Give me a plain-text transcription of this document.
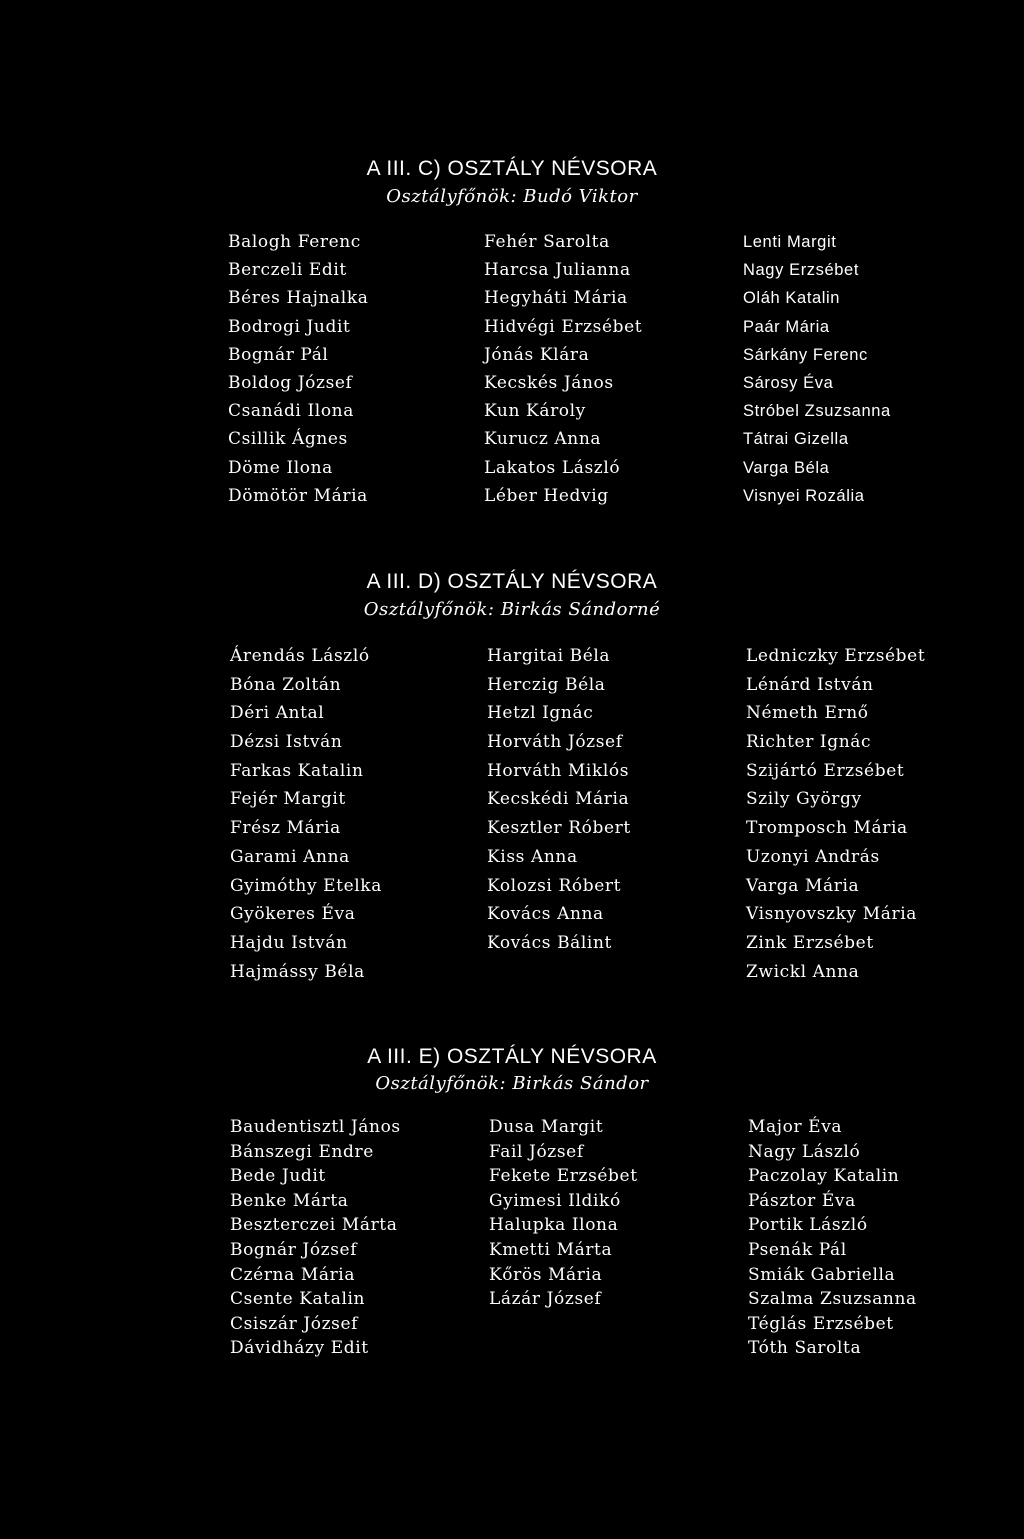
A III. C) OSZTÁLY NÉVSORA
Osztályfőnök: Budó Viktor
Balogh Ferenc
Berczeli Edit
Béres Hajnalka
Bodrogi Judit
Bognár Pál
Boldog József
Csanádi Ilona
Csillik Ágnes
Döme Ilona
Dömötör Mária
Fehér Sarolta
Harcsa Julianna
Hegyháti Mária
Hidvégi Erzsébet
Jónás Klára
Kecskés János
Kun Károly
Kurucz Anna
Lakatos László
Léber Hedvig
Lenti Margit
Nagy Erzsébet
Oláh Katalin
Paár Mária
Sárkány Ferenc
Sárosy Éva
Stróbel Zsuzsanna
Tátrai Gizella
Varga Béla
Visnyei Rozália
A III. D) OSZTÁLY NÉVSORA
Osztályfőnök: Birkás Sándorné
Árendás László
Bóna Zoltán
Déri Antal
Dézsi István
Farkas Katalin
Fejér Margit
Frész Mária
Garami Anna
Gyimóthy Etelka
Gyökeres Éva
Hajdu István
Hajmássy Béla
Hargitai Béla
Herczig Béla
Hetzl Ignác
Horváth József
Horváth Miklós
Kecskédi Mária
Kesztler Róbert
Kiss Anna
Kolozsi Róbert
Kovács Anna
Kovács Bálint
Ledniczky Erzsébet
Lénárd István
Németh Ernő
Richter Ignác
Szijártó Erzsébet
Szily György
Tromposch Mária
Uzonyi András
Varga Mária
Visnyovszky Mária
Zink Erzsébet
Zwickl Anna
A III. E) OSZTÁLY NÉVSORA
Osztályfőnök: Birkás Sándor
Baudentisztl János
Bánszegi Endre
Bede Judit
Benke Márta
Beszterczei Márta
Bognár József
Czérna Mária
Csente Katalin
Csiszár József
Dávidházy Edit
Dusa Margit
Fail József
Fekete Erzsébet
Gyimesi Ildikó
Halupka Ilona
Kmetti Márta
Kőrös Mária
Lázár József
Major Éva
Nagy László
Paczolay Katalin
Pásztor Éva
Portik László
Psenák Pál
Smiák Gabriella
Szalma Zsuzsanna
Téglás Erzsébet
Tóth Sarolta
